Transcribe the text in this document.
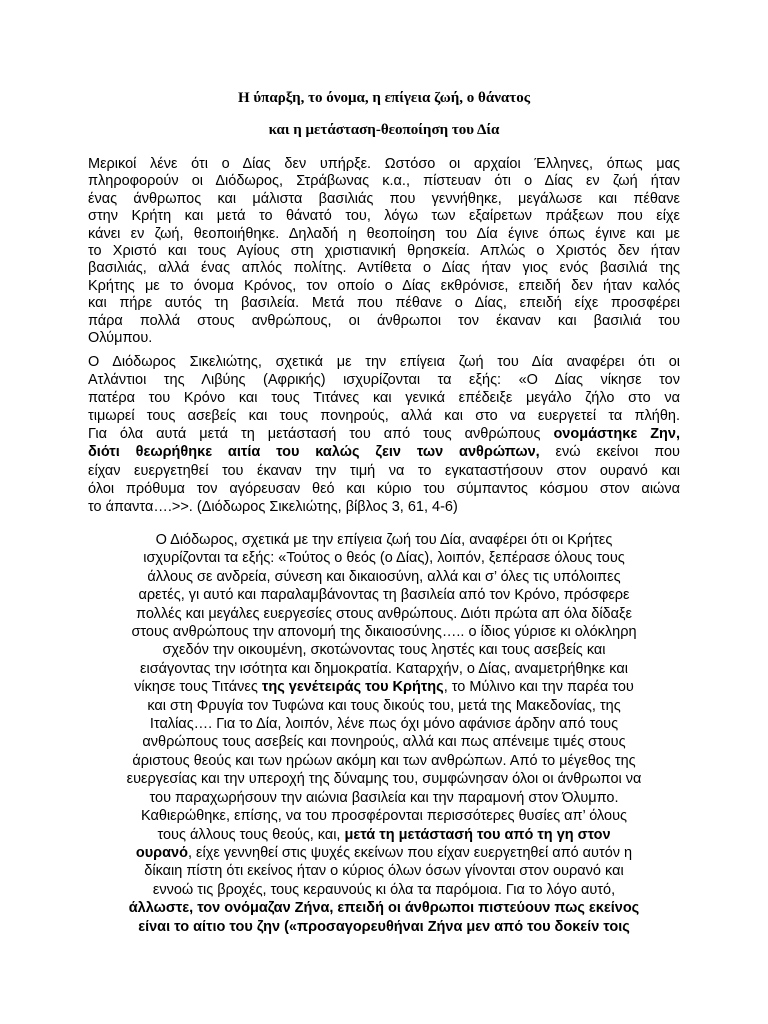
Η ύπαρξη, το όνομα, η επίγεια ζωή, ο θάνατος
και η μετάσταση-θεοποίηση του Δία
Μερικοί λένε ότι ο Δίας δεν υπήρξε. Ωστόσο οι αρχαίοι Έλληνες, όπως μας
πληροφορούν οι Διόδωρος, Στράβωνας κ.α., πίστευαν ότι ο Δίας εν ζωή ήταν
ένας άνθρωπος και μάλιστα βασιλιάς που γεννήθηκε, μεγάλωσε και πέθανε
στην Κρήτη και μετά το θάνατό του, λόγω των εξαίρετων πράξεων που είχε
κάνει εν ζωή, θεοποιήθηκε. Δηλαδή η θεοποίηση του Δία έγινε όπως έγινε και με
το Χριστό και τους Αγίους στη χριστιανική θρησκεία. Απλώς ο Χριστός δεν ήταν
βασιλιάς, αλλά ένας απλός πολίτης. Αντίθετα ο Δίας ήταν γιος ενός βασιλιά της
Κρήτης με το όνομα Κρόνος, τον οποίο ο Δίας εκθρόνισε, επειδή δεν ήταν καλός
και πήρε αυτός τη βασιλεία. Μετά που πέθανε ο Δίας, επειδή είχε προσφέρει
πάρα πολλά στους ανθρώπους, οι άνθρωποι τον έκαναν και βασιλιά του
Ολύμπου.
Ο Διόδωρος Σικελιώτης, σχετικά με την επίγεια ζωή του Δία αναφέρει ότι οι
Ατλάντιοι της Λιβύης (Αφρικής) ισχυρίζονται τα εξής: «Ο Δίας νίκησε τον
πατέρα του Κρόνο και τους Τιτάνες και γενικά επέδειξε μεγάλο ζήλο στο να
τιμωρεί τους ασεβείς και τους πονηρούς, αλλά και στο να ευεργετεί τα πλήθη.
Για όλα αυτά μετά τη μετάστασή του από τους ανθρώπους ονομάστηκε Ζην,
διότι θεωρήθηκε αιτία του καλώς ζειν των ανθρώπων, ενώ εκείνοι που
είχαν ευεργετηθεί του έκαναν την τιμή να το εγκαταστήσουν στον ουρανό και
όλοι πρόθυμα τον αγόρευσαν θεό και κύριο του σύμπαντος κόσμου στον αιώνα
το άπαντα….>>. (Διόδωρος Σικελιώτης, βίβλος 3, 61, 4-6)
Ο Διόδωρος, σχετικά με την επίγεια ζωή του Δία, αναφέρει ότι οι Κρήτες
ισχυρίζονται τα εξής: «Τούτος ο θεός (ο Δίας), λοιπόν, ξεπέρασε όλους τους
άλλους σε ανδρεία, σύνεση και δικαιοσύνη, αλλά και σ’ όλες τις υπόλοιπες
αρετές, γι αυτό και παραλαμβάνοντας τη βασιλεία από τον Κρόνο, πρόσφερε
πολλές και μεγάλες ευεργεσίες στους ανθρώπους. Διότι πρώτα απ όλα δίδαξε
στους ανθρώπους την απονομή της δικαιοσύνης….. ο ίδιος γύρισε κι ολόκληρη
σχεδόν την οικουμένη, σκοτώνοντας τους ληστές και τους ασεβείς και
εισάγοντας την ισότητα και δημοκρατία. Καταρχήν, ο Δίας, αναμετρήθηκε και
νίκησε τους Τιτάνες της γενέτειράς του Κρήτης, το Μύλινο και την παρέα του
και στη Φρυγία τον Τυφώνα και τους δικούς του, μετά της Μακεδονίας, της
Ιταλίας…. Για το Δία, λοιπόν, λένε πως όχι μόνο αφάνισε άρδην από τους
ανθρώπους τους ασεβείς και πονηρούς, αλλά και πως απένειμε τιμές στους
άριστους θεούς και των ηρώων ακόμη και των ανθρώπων. Από το μέγεθος της
ευεργεσίας και την υπεροχή της δύναμης του, συμφώνησαν όλοι οι άνθρωποι να
του παραχωρήσουν την αιώνια βασιλεία και την παραμονή στον Όλυμπο.
Καθιερώθηκε, επίσης, να του προσφέρονται περισσότερες θυσίες απ’ όλους
τους άλλους τους θεούς, και, μετά τη μετάστασή του από τη γη στον
ουρανό, είχε γεννηθεί στις ψυχές εκείνων που είχαν ευεργετηθεί από αυτόν η
δίκαιη πίστη ότι εκείνος ήταν ο κύριος όλων όσων γίνονται στον ουρανό και
εννοώ τις βροχές, τους κεραυνούς κι όλα τα παρόμοια. Για το λόγο αυτό,
άλλωστε, τον ονόμαζαν Ζήνα, επειδή οι άνθρωποι πιστεύουν πως εκείνος
είναι το αίτιο του ζην («προσαγορευθήναι Ζήνα μεν από του δοκείν τοις
